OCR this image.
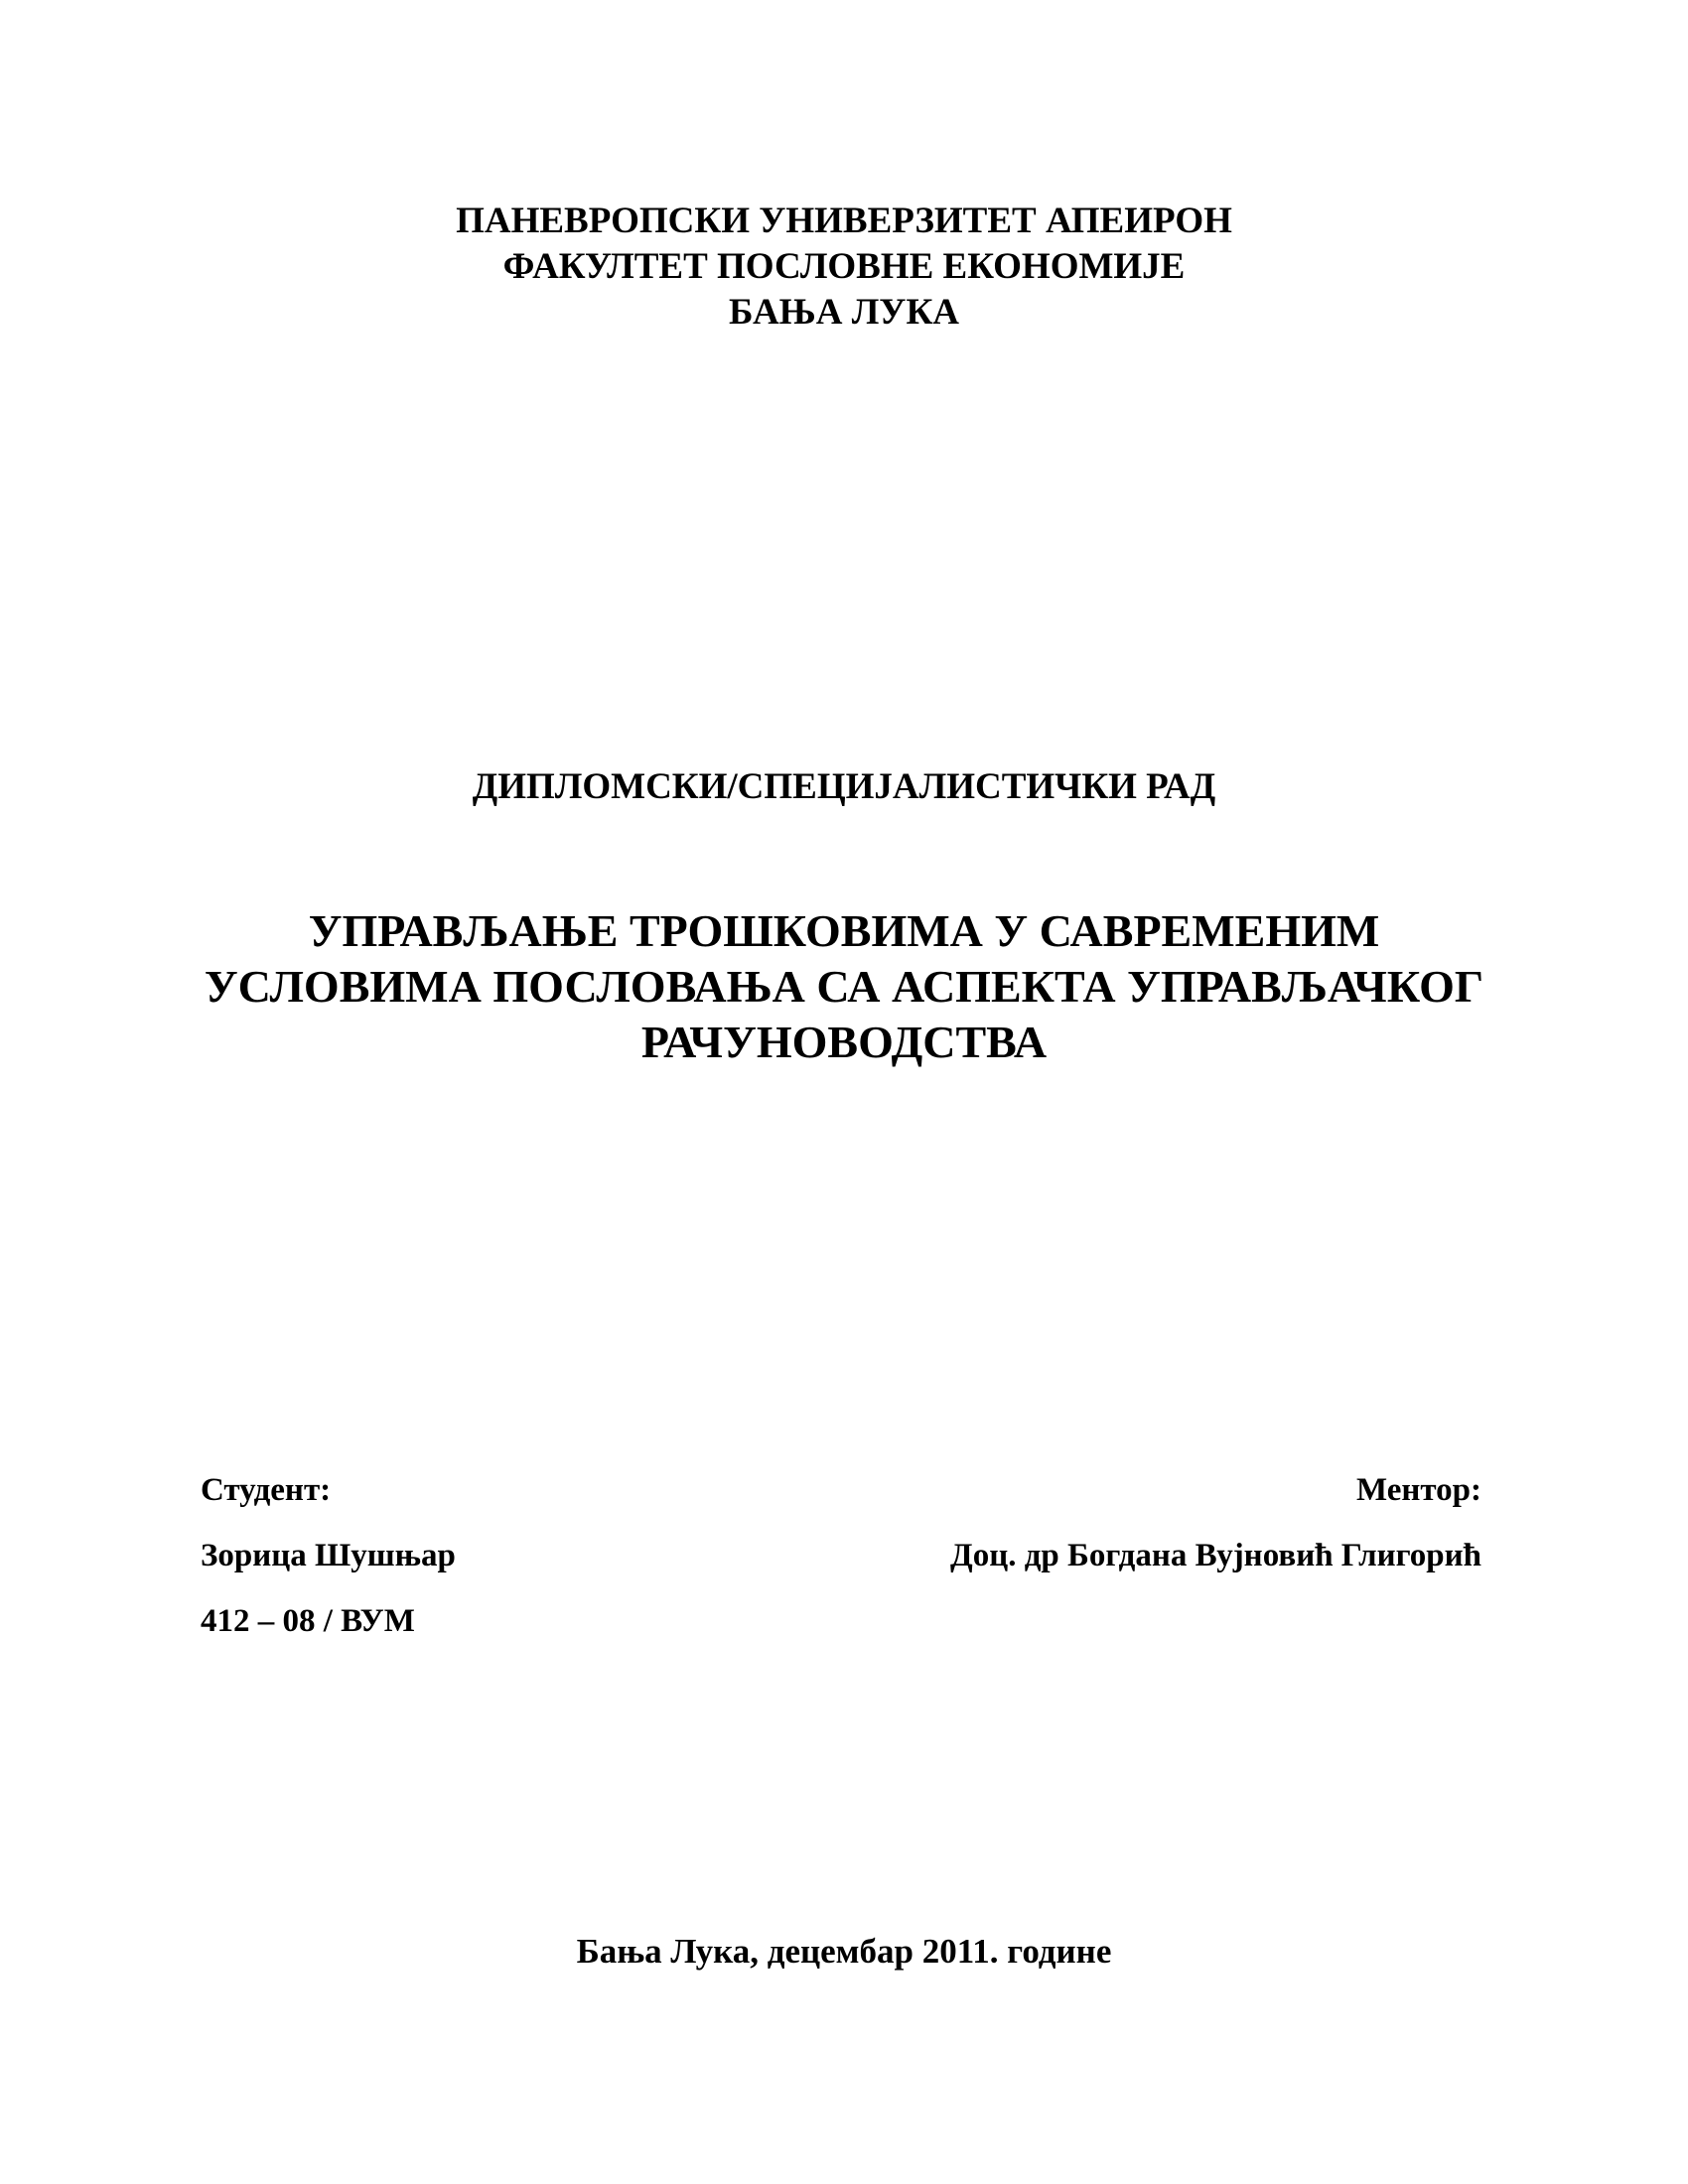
ПАНЕВРОПСКИ УНИВЕРЗИТЕТ АПЕИРОН

ФАКУЛТЕТ ПОСЛОВНЕ ЕКОНОМИЈЕ

БАЊА ЛУКА

ДИПЛОМСКИ/СПЕЦИЈАЛИСТИЧКИ РАД

УПРАВЉАЊЕ ТРОШКОВИМА У САВРЕМЕНИМ

УСЛОВИМА ПОСЛОВАЊА СА АСПЕКТА УПРАВЉАЧКОГ

РАЧУНОВОДСТВА

Студент:
Зорица Шушњар
412 – 08 / ВУМ
Ментор:
Доц. др Богдана Вујновић Глигорић
Бања Лука, децембар 2011. године
